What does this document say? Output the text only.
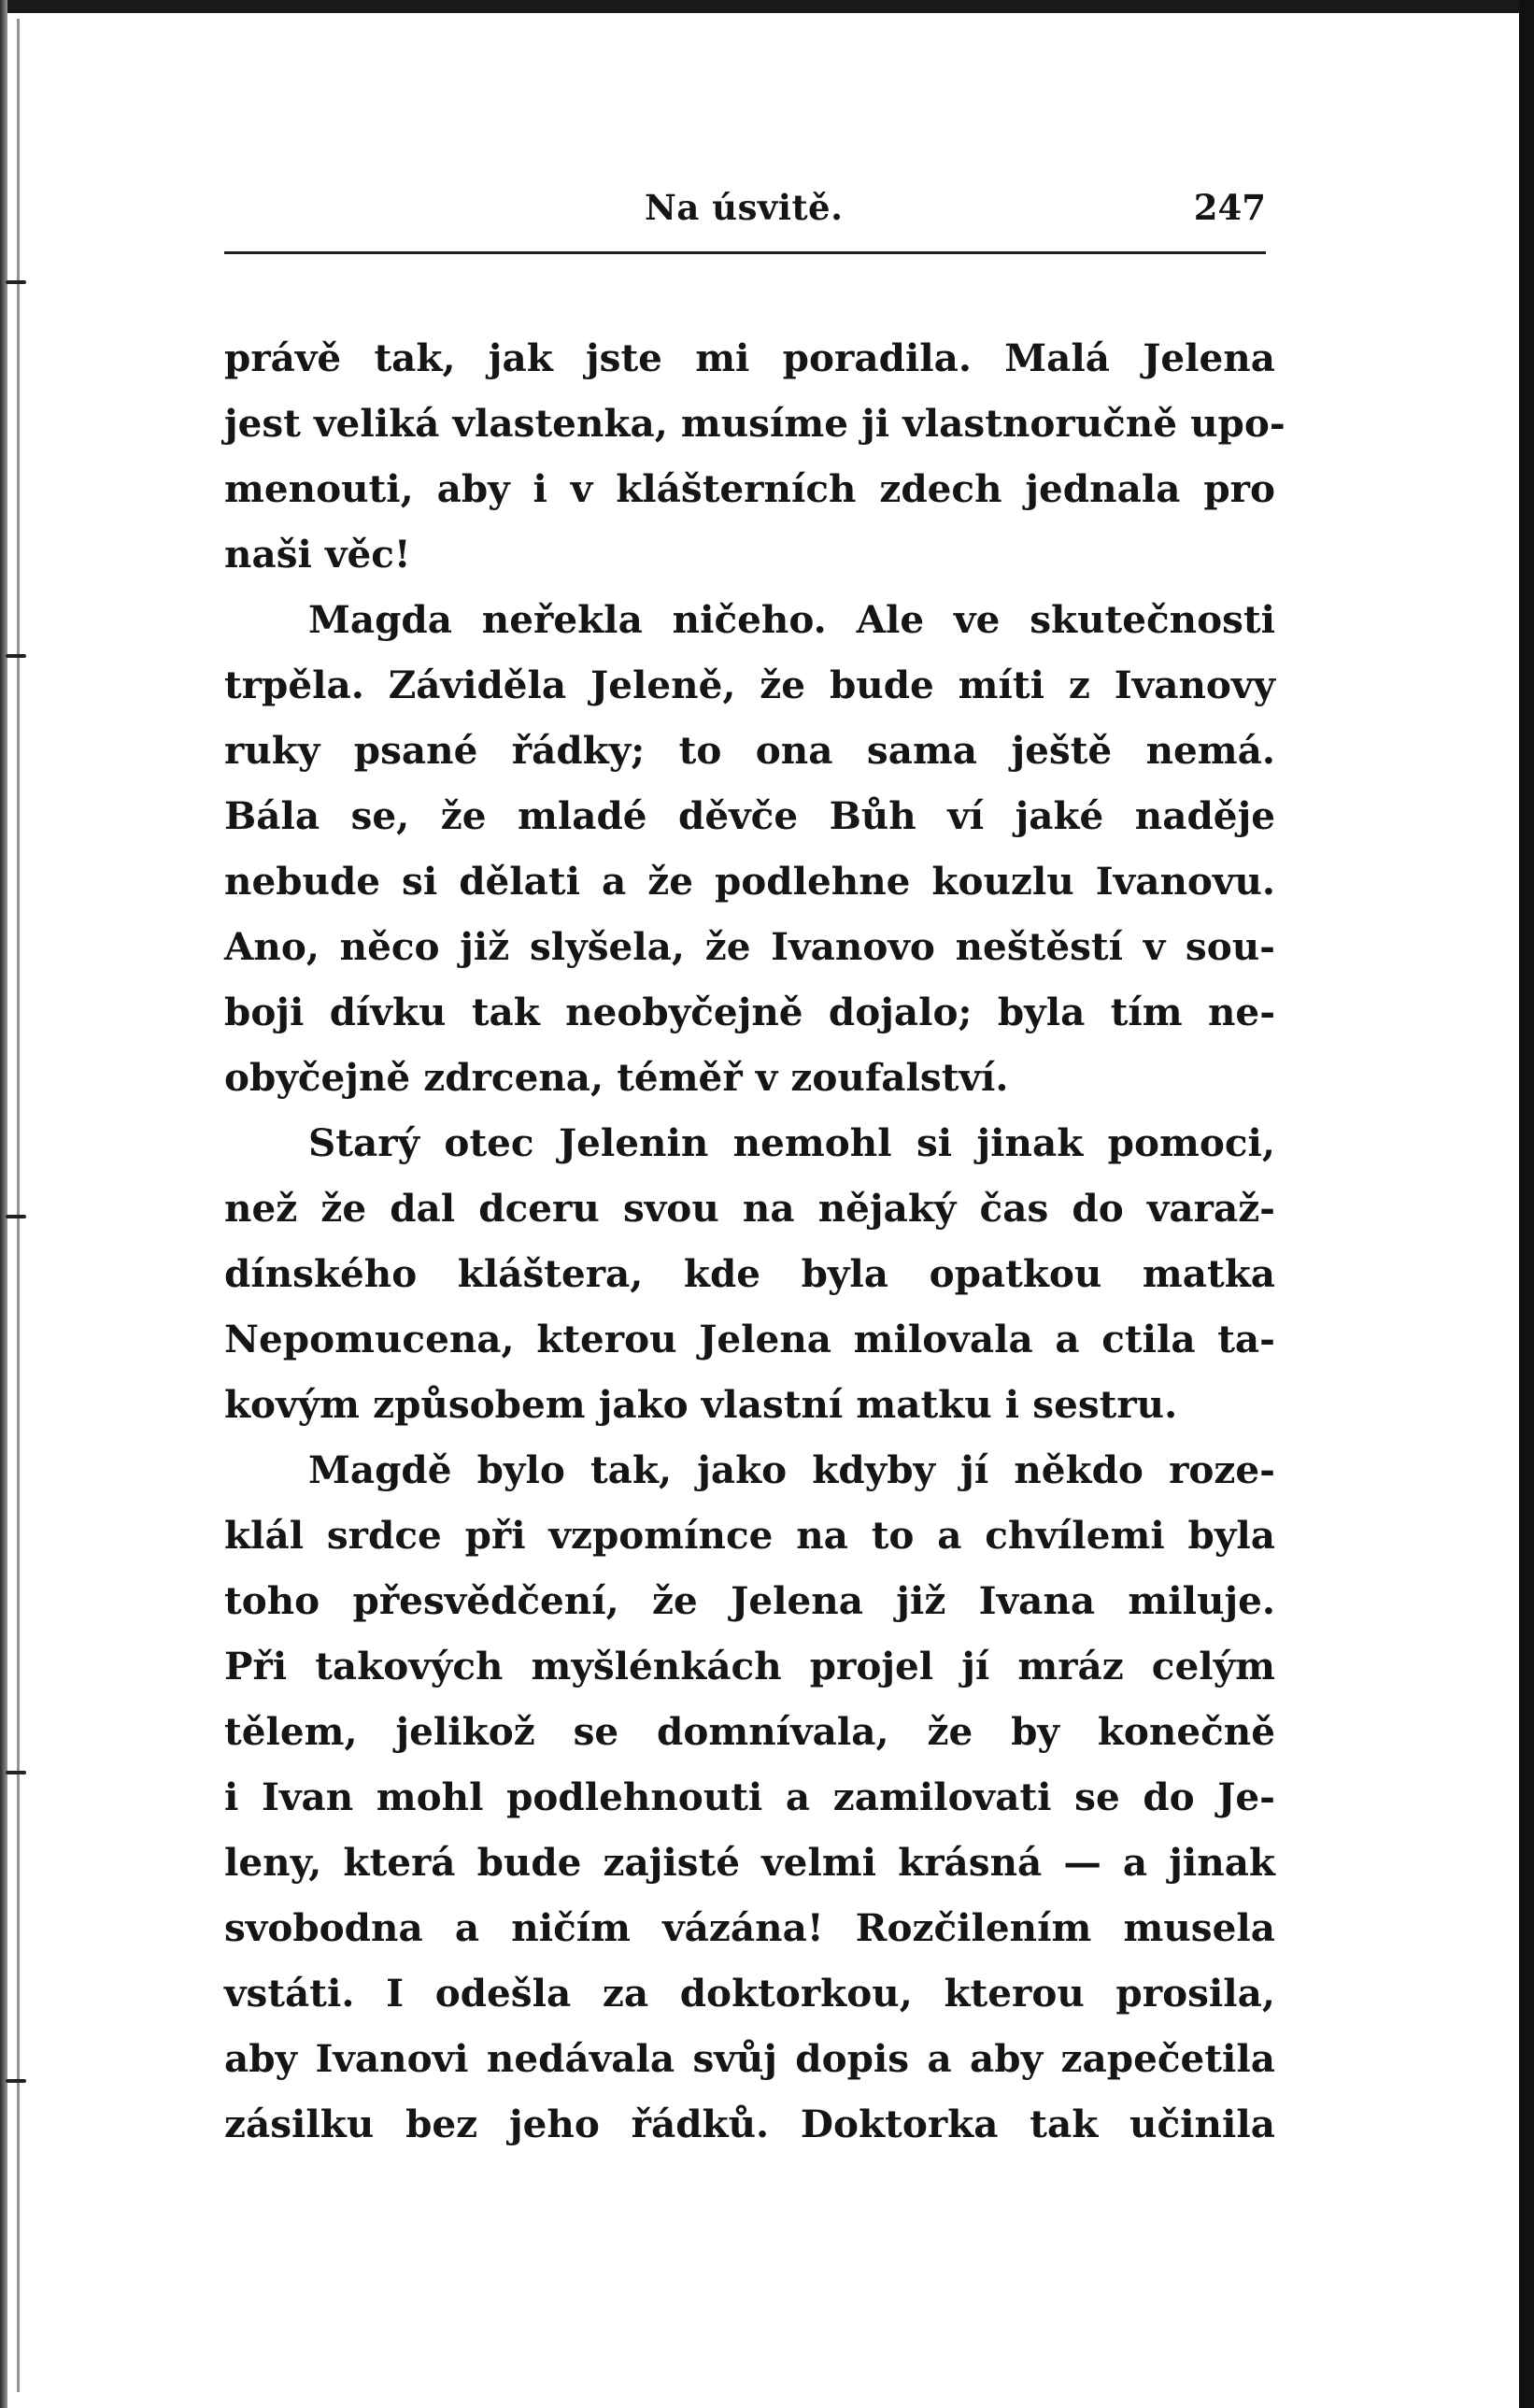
Na úsvitě.	247
právě tak, jak jste mi poradila. Malá Jelena
jest veliká vlastenka, musíme ji vlastnoručně upo-
menouti, aby i v klášterních zdech jednala pro
naši věc!
Magda neřekla ničeho. Ale ve skutečnosti
trpěla. Záviděla Jeleně, že bude míti z Ivanovy
ruky psané řádky; to ona sama ještě nemá.
Bála se, že mladé děvče Bůh ví jaké naděje
nebude si dělati a že podlehne kouzlu Ivanovu.
Ano, něco již slyšela, že Ivanovo neštěstí v sou-
boji dívku tak neobyčejně dojalo; byla tím ne-
obyčejně zdrcena, téměř v zoufalství.
Starý otec Jelenin nemohl si jinak pomoci,
než že dal dceru svou na nějaký čas do varaž-
dínského kláštera, kde byla opatkou matka
Nepomucena, kterou Jelena milovala a ctila ta-
kovým způsobem jako vlastní matku i sestru.
Magdě bylo tak, jako kdyby jí někdo roze-
klál srdce při vzpomínce na to a chvílemi byla
toho přesvědčení, že Jelena již Ivana miluje.
Při takových myšlénkách projel jí mráz celým
tělem, jelikož se domnívala, že by konečně
i Ivan mohl podlehnouti a zamilovati se do Je-
leny, která bude zajisté velmi krásná — a jinak
svobodna a ničím vázána! Rozčilením musela
vstáti. I odešla za doktorkou, kterou prosila,
aby Ivanovi nedávala svůj dopis a aby zapečetila
zásilku bez jeho řádků. Doktorka tak učinila
